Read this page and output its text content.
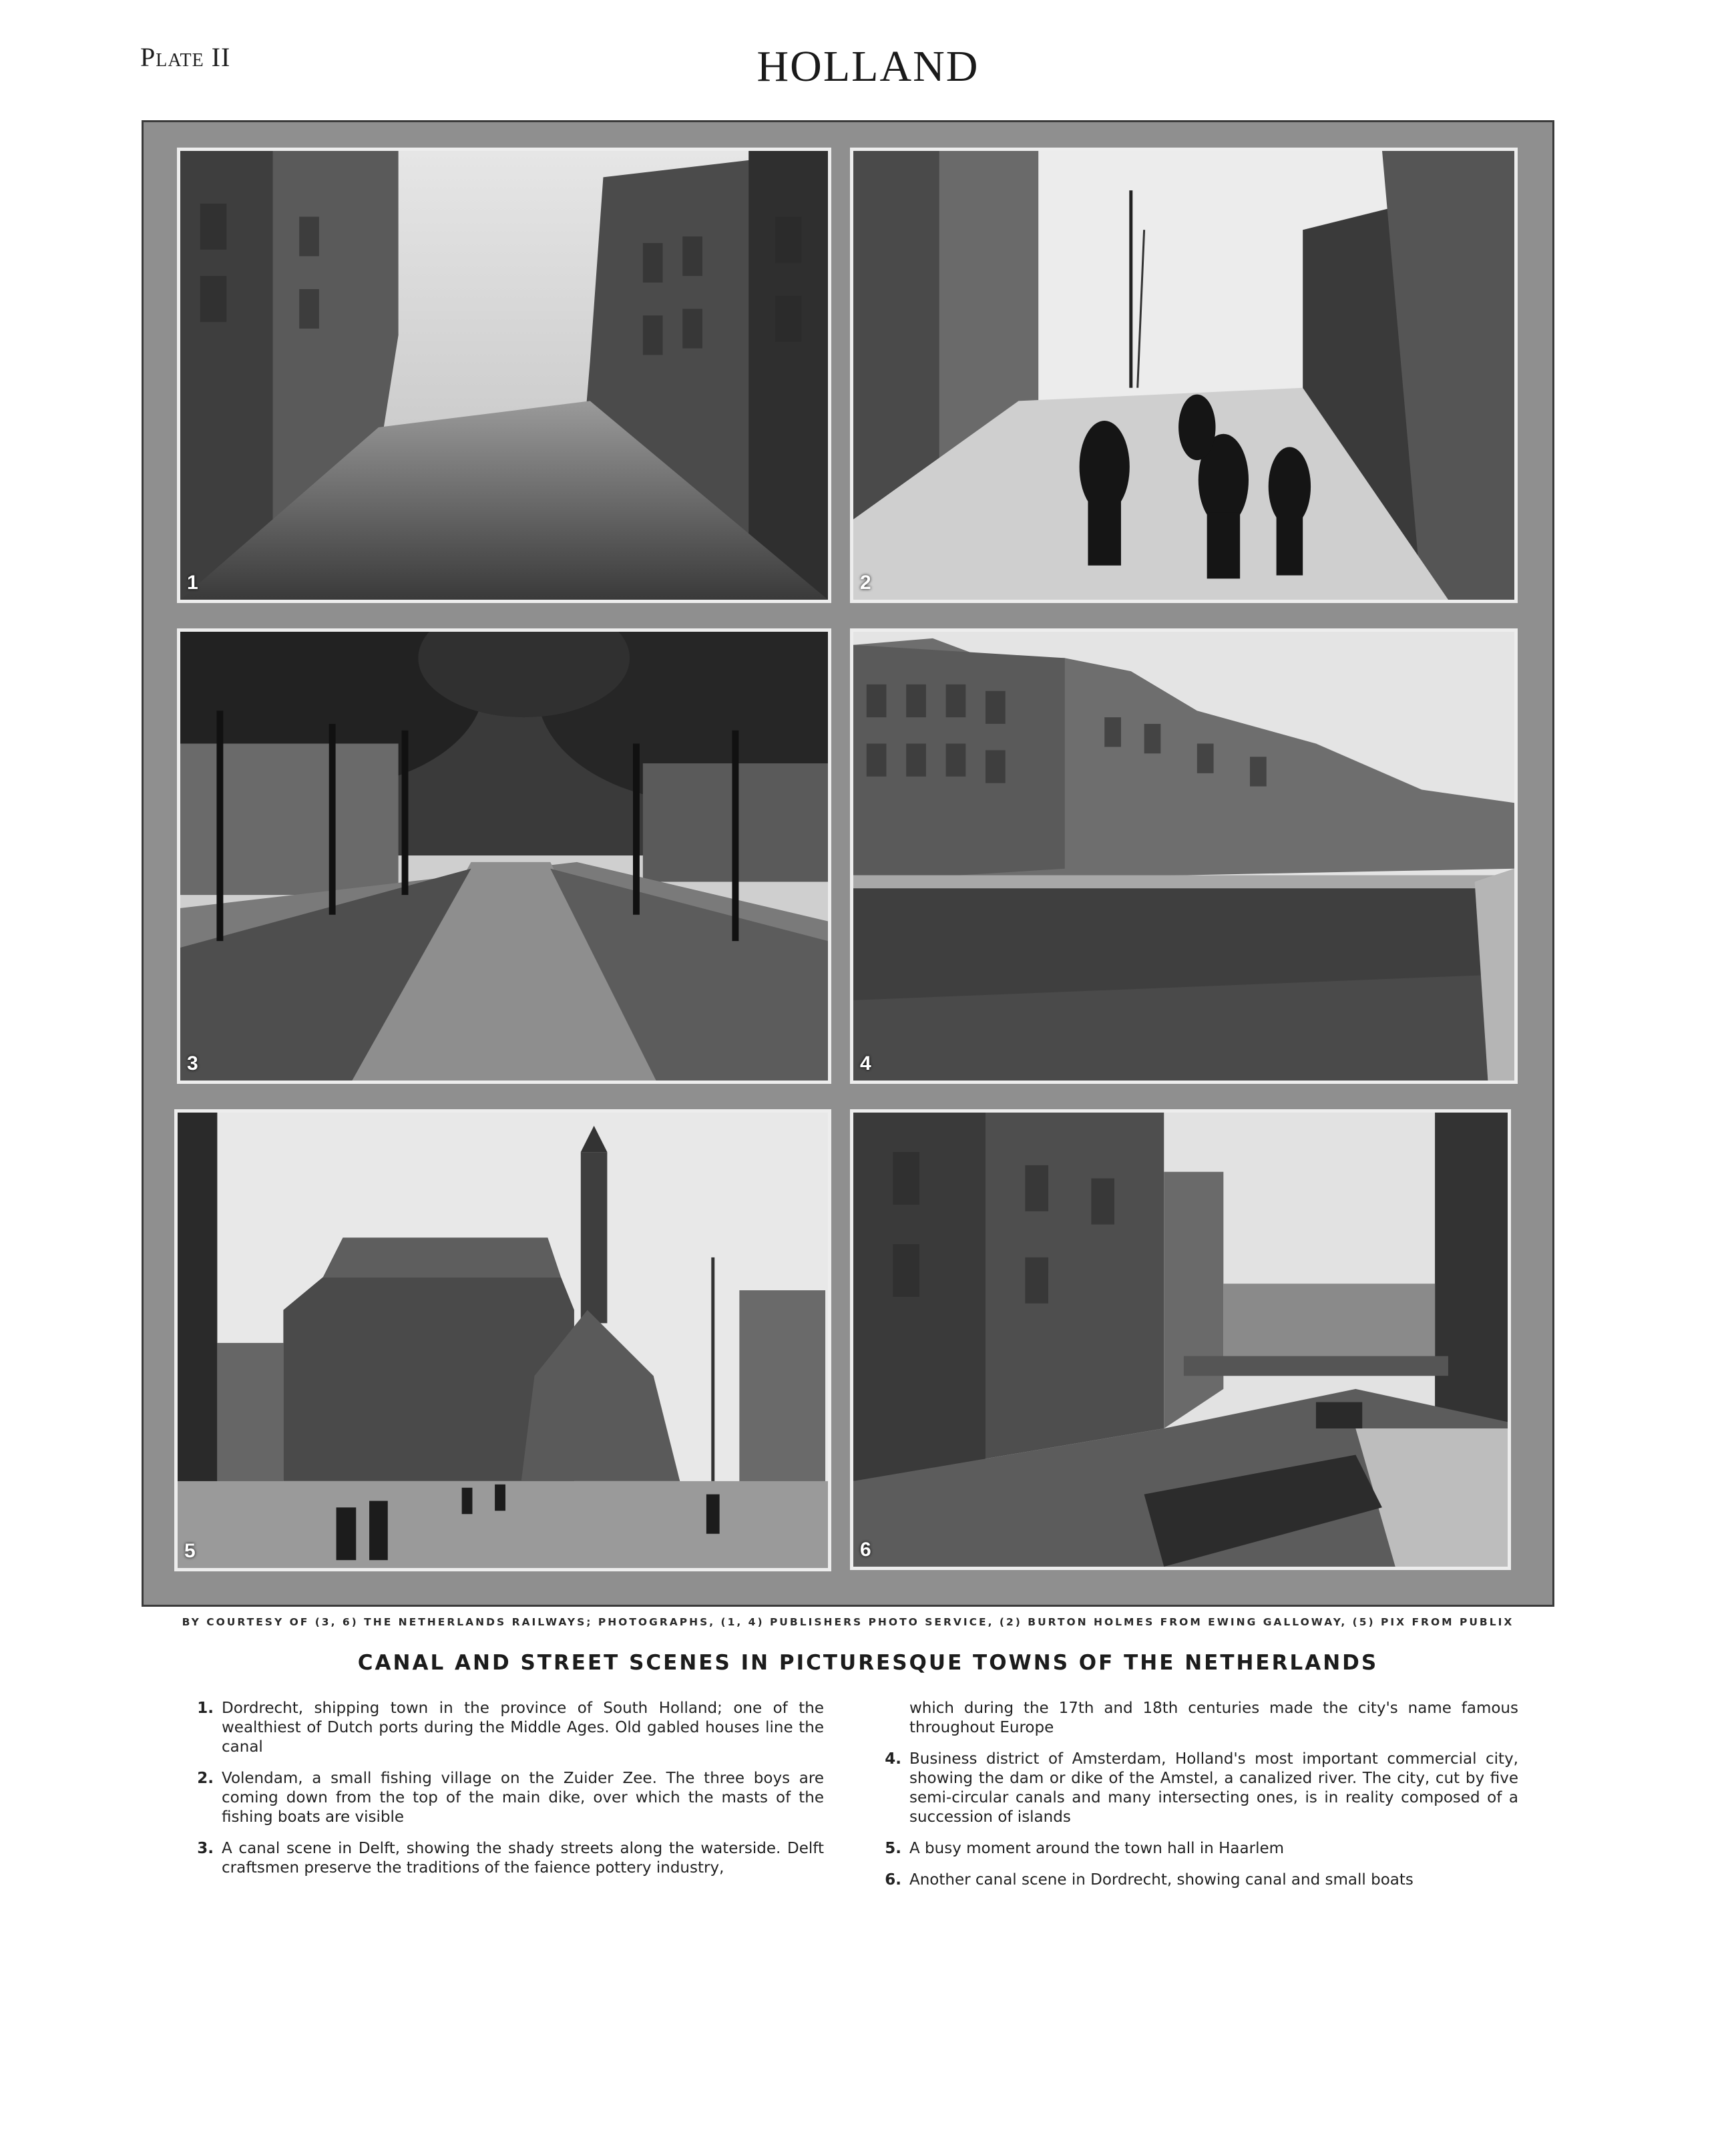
Plate II	HOLLAND
1	2
3	4
5	6
BY COURTESY OF (3, 6) THE NETHERLANDS RAILWAYS; PHOTOGRAPHS, (1, 4) PUBLISHERS PHOTO SERVICE, (2) BURTON HOLMES FROM EWING GALLOWAY, (5) PIX FROM PUBLIX
CANAL AND STREET SCENES IN PICTURESQUE TOWNS OF THE NETHERLANDS
1. Dordrecht, shipping town in the province of South Holland; one of the wealthiest of Dutch ports during the Middle Ages. Old gabled houses line the canal
2. Volendam, a small fishing village on the Zuider Zee. The three boys are coming down from the top of the main dike, over which the masts of the fishing boats are visible
3. A canal scene in Delft, showing the shady streets along the waterside. Delft craftsmen preserve the traditions of the faience pottery industry,
which during the 17th and 18th centuries made the city's name famous throughout Europe
4. Business district of Amsterdam, Holland's most important commercial city, showing the dam or dike of the Amstel, a canalized river. The city, cut by five semi-circular canals and many intersecting ones, is in reality composed of a succession of islands
5. A busy moment around the town hall in Haarlem
6. Another canal scene in Dordrecht, showing canal and small boats
